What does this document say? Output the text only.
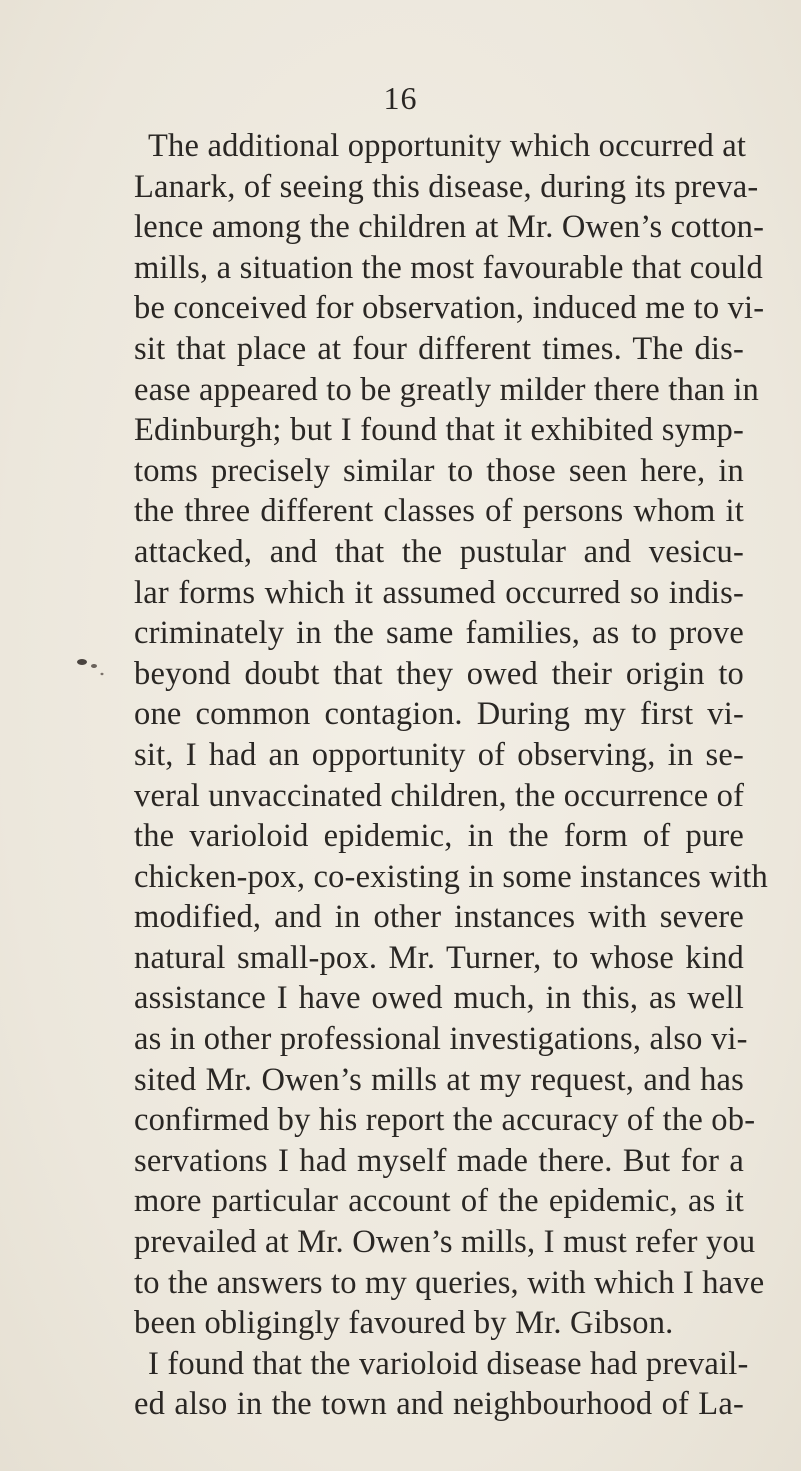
16
The additional opportunity which occurred at
Lanark, of seeing this disease, during its preva-
lence among the children at Mr. Owen’s cotton-
mills, a situation the most favourable that could
be conceived for observation, induced me to vi-
sit that place at four different times. The dis-
ease appeared to be greatly milder there than in
Edinburgh; but I found that it exhibited symp-
toms precisely similar to those seen here, in
the three different classes of persons whom it
attacked, and that the pustular and vesicu-
lar forms which it assumed occurred so indis-
criminately in the same families, as to prove
beyond doubt that they owed their origin to
one common contagion. During my first vi-
sit, I had an opportunity of observing, in se-
veral unvaccinated children, the occurrence of
the varioloid epidemic, in the form of pure
chicken-pox, co-existing in some instances with
modified, and in other instances with severe
natural small-pox. Mr. Turner, to whose kind
assistance I have owed much, in this, as well
as in other professional investigations, also vi-
sited Mr. Owen’s mills at my request, and has
confirmed by his report the accuracy of the ob-
servations I had myself made there. But for a
more particular account of the epidemic, as it
prevailed at Mr. Owen’s mills, I must refer you
to the answers to my queries, with which I have
been obligingly favoured by Mr. Gibson.
I found that the varioloid disease had prevail-
ed also in the town and neighbourhood of La-
